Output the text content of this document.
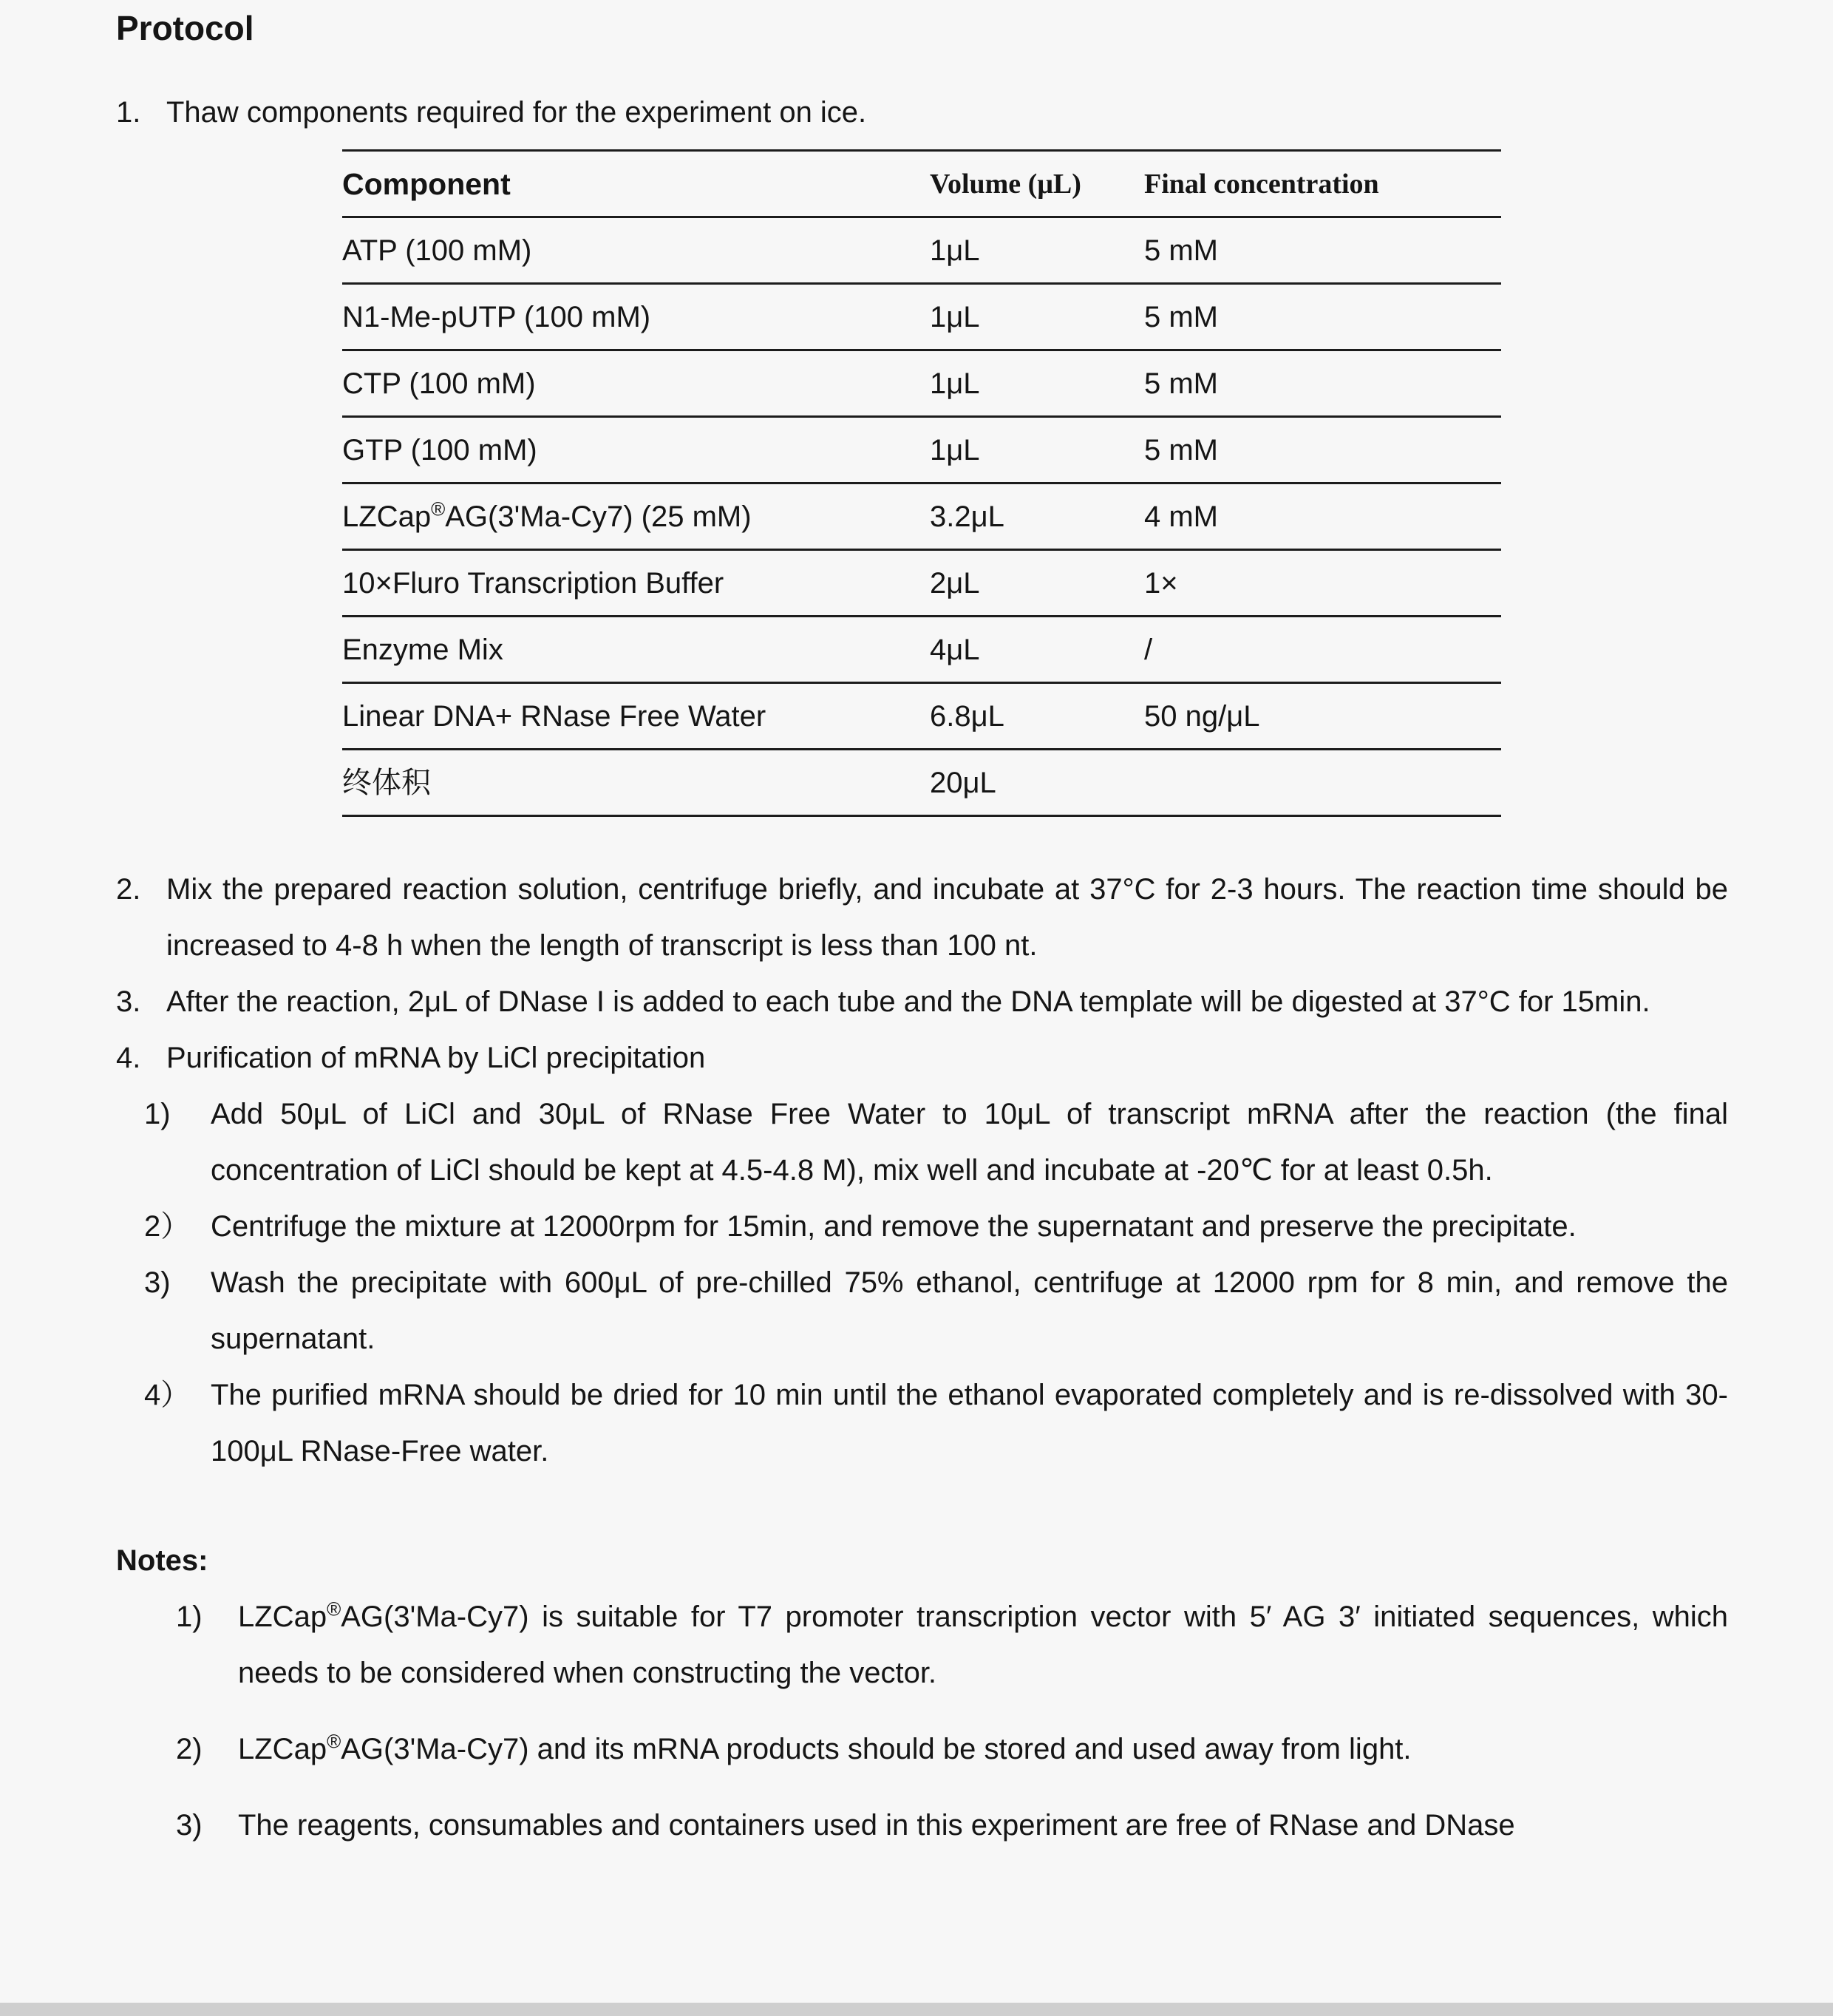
Protocol
1. Thaw components required for the experiment on ice.
Component	Volume (μL)	Final concentration
ATP (100 mM)	1μL	5 mM
N1-Me-pUTP (100 mM)	1μL	5 mM
CTP (100 mM)	1μL	5 mM
GTP (100 mM)	1μL	5 mM
LZCap®AG(3'Ma-Cy7) (25 mM)	3.2μL	4 mM
10×Fluro Transcription Buffer	2μL	1×
Enzyme Mix	4μL	/
Linear DNA+ RNase Free Water	6.8μL	50 ng/μL
终体积	20μL	
2. Mix the prepared reaction solution, centrifuge briefly, and incubate at 37°C for 2-3 hours. The reaction time should be increased to 4-8 h when the length of transcript is less than 100 nt.
3. After the reaction, 2μL of DNase I is added to each tube and the DNA template will be digested at 37°C for 15min.
4. Purification of mRNA by LiCl precipitation
1)	Add 50μL of LiCl and 30μL of RNase Free Water to 10μL of transcript mRNA after the reaction (the final concentration of LiCl should be kept at 4.5-4.8 M), mix well and incubate at -20℃ for at least 0.5h.
2） Centrifuge the mixture at 12000rpm for 15min, and remove the supernatant and preserve the precipitate.
3)	Wash the precipitate with 600μL of pre-chilled 75% ethanol, centrifuge at 12000 rpm for 8 min, and remove the supernatant.
4） The purified mRNA should be dried for 10 min until the ethanol evaporated completely and is re-dissolved with 30-100μL RNase-Free water.
Notes:
1)	LZCap®AG(3'Ma-Cy7) is suitable for T7 promoter transcription vector with 5′ AG 3′ initiated sequences, which needs to be considered when constructing the vector.
2)	LZCap®AG(3'Ma-Cy7) and its mRNA products should be stored and used away from light.
3)	The reagents, consumables and containers used in this experiment are free of RNase and DNase
